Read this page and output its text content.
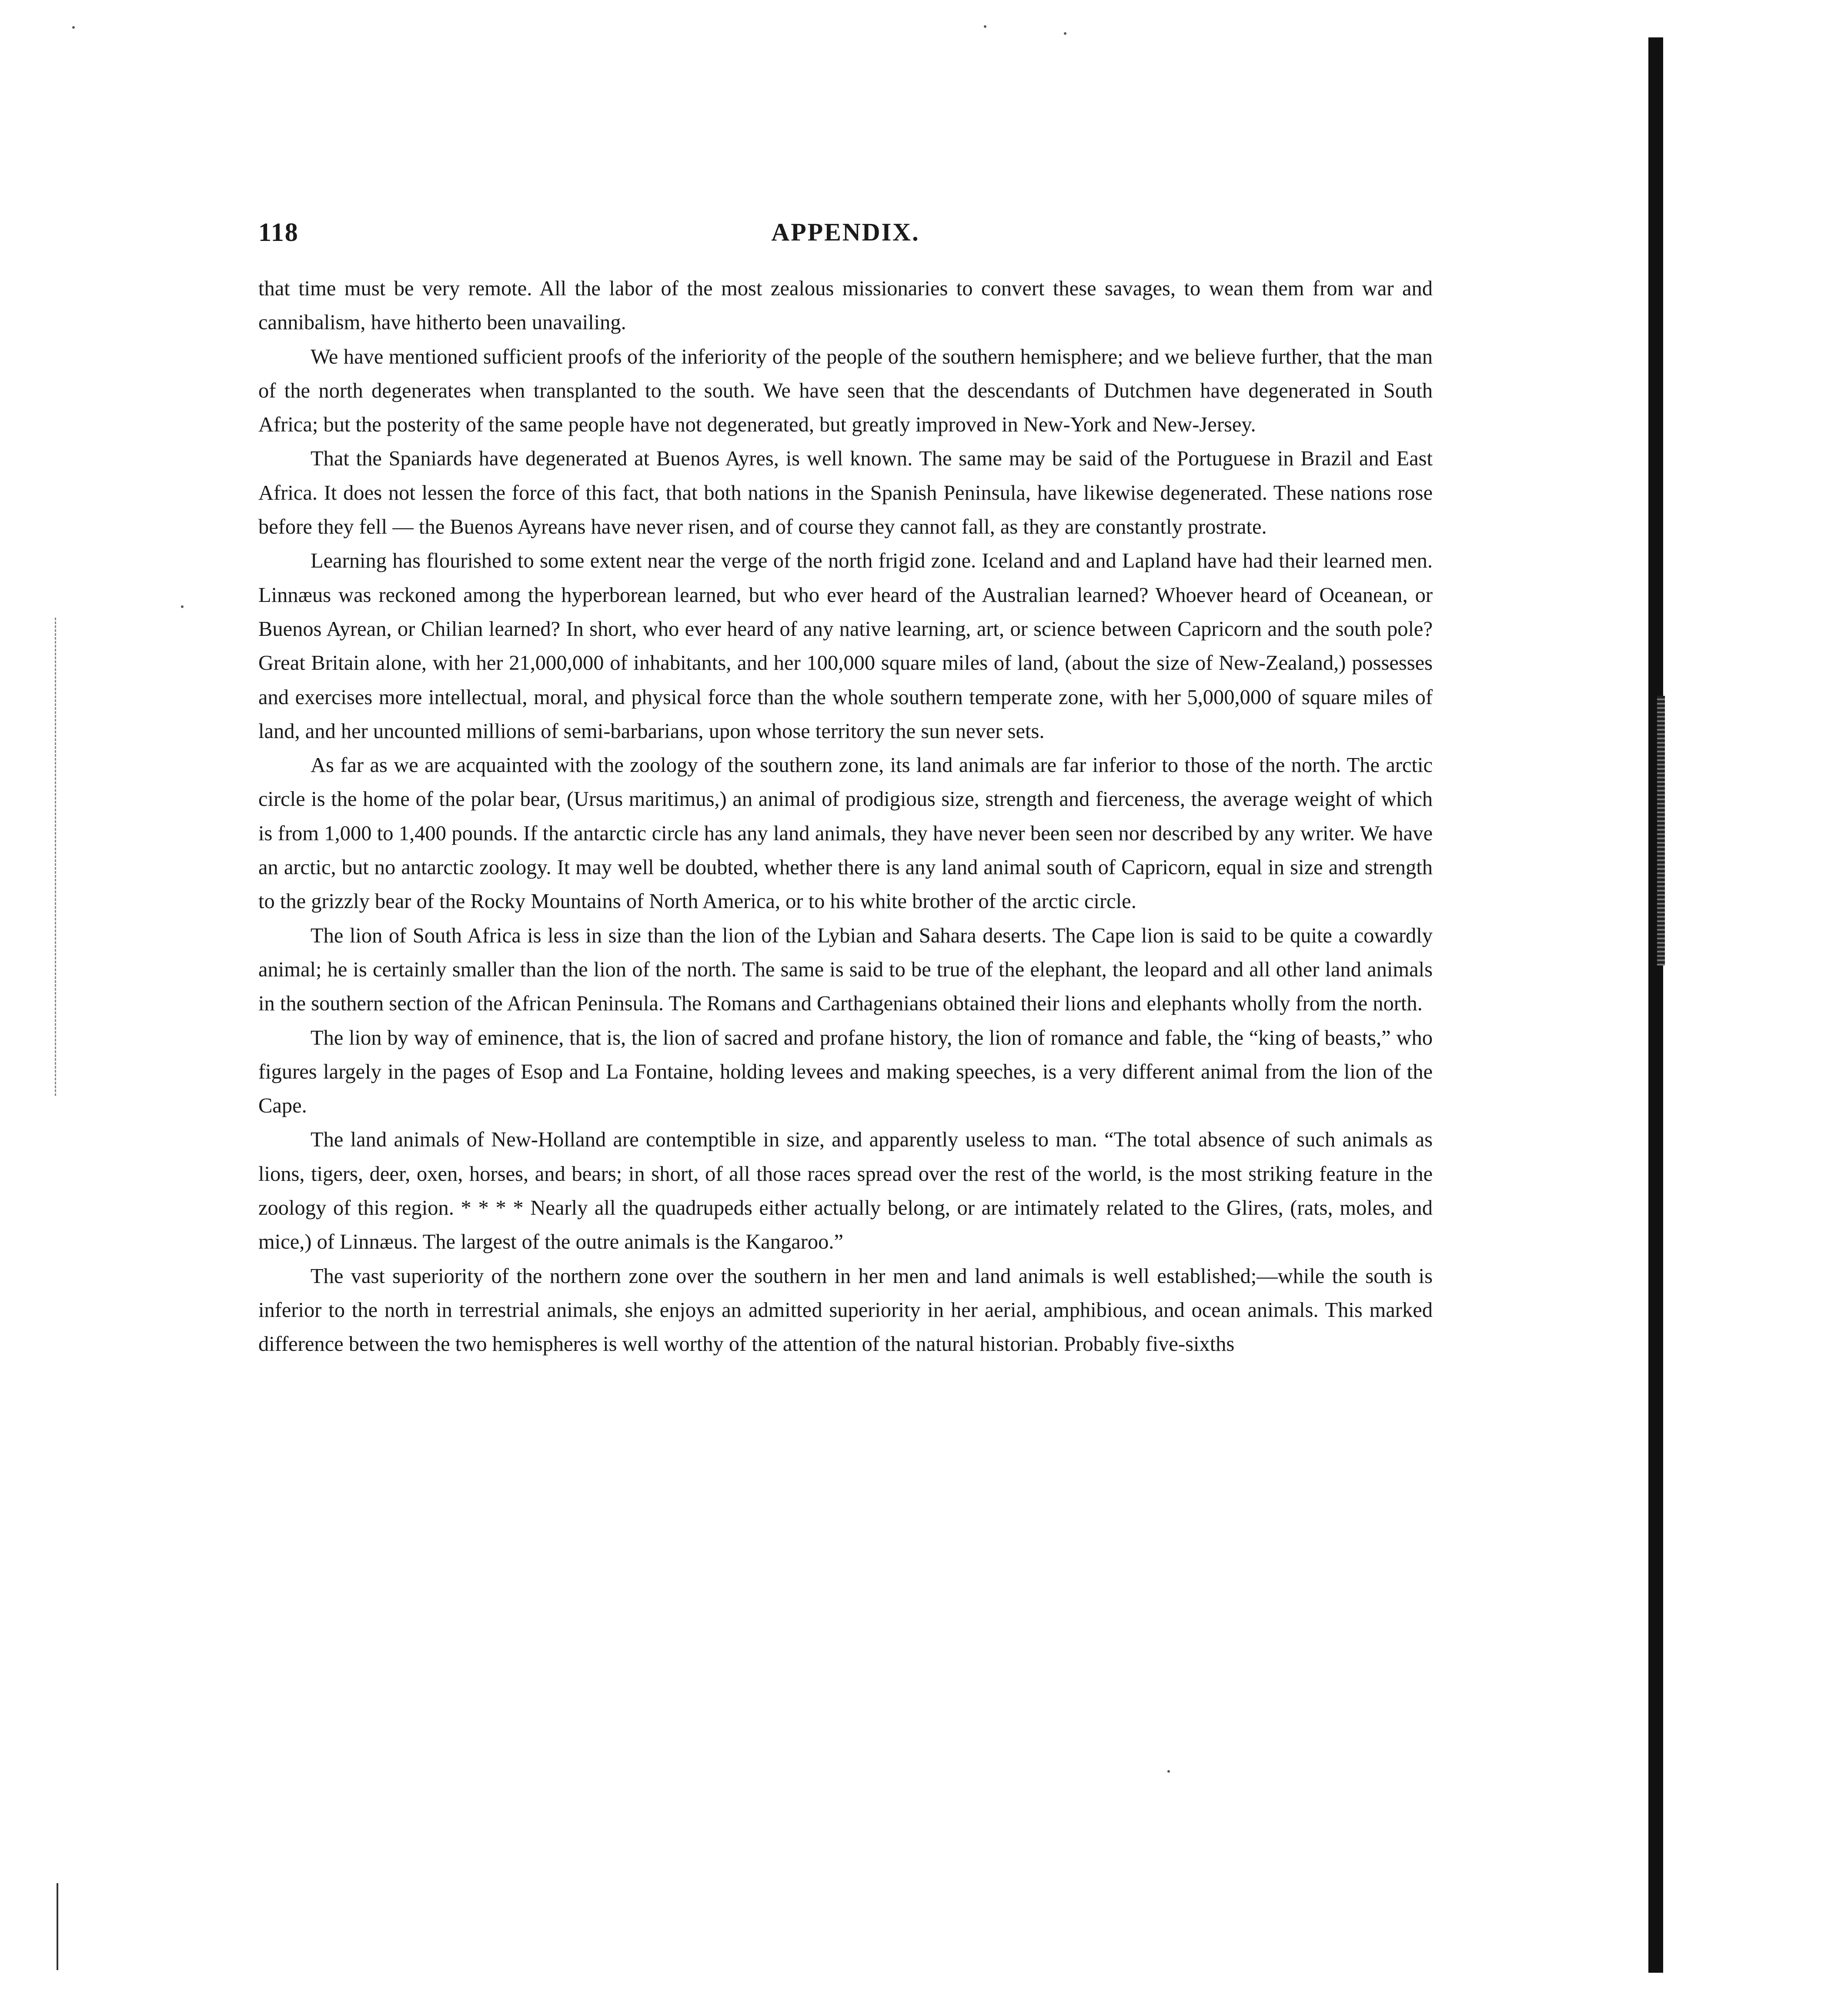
118	APPENDIX.

that time must be very remote. All the labor of the most zealous missionaries to convert these savages, to wean them from war and cannibalism, have hitherto been unavailing.

We have mentioned sufficient proofs of the inferiority of the people of the southern hemisphere; and we believe further, that the man of the north degenerates when transplanted to the south. We have seen that the descendants of Dutchmen have degenerated in South Africa; but the posterity of the same people have not degenerated, but greatly improved in New-York and New-Jersey.

That the Spaniards have degenerated at Buenos Ayres, is well known. The same may be said of the Portuguese in Brazil and East Africa. It does not lessen the force of this fact, that both nations in the Spanish Peninsula, have likewise degenerated. These nations rose before they fell — the Buenos Ayreans have never risen, and of course they cannot fall, as they are constantly prostrate.

Learning has flourished to some extent near the verge of the north frigid zone. Iceland and and Lapland have had their learned men. Linnæus was reckoned among the hyperborean learned, but who ever heard of the Australian learned? Whoever heard of Oceanean, or Buenos Ayrean, or Chilian learned? In short, who ever heard of any native learning, art, or science between Capricorn and the south pole? Great Britain alone, with her 21,000,000 of inhabitants, and her 100,000 square miles of land, (about the size of New-Zealand,) possesses and exercises more intellectual, moral, and physical force than the whole southern temperate zone, with her 5,000,000 of square miles of land, and her uncounted millions of semi-barbarians, upon whose territory the sun never sets.

As far as we are acquainted with the zoology of the southern zone, its land animals are far inferior to those of the north. The arctic circle is the home of the polar bear, (Ursus maritimus,) an animal of prodigious size, strength and fierceness, the average weight of which is from 1,000 to 1,400 pounds. If the antarctic circle has any land animals, they have never been seen nor described by any writer. We have an arctic, but no antarctic zoology. It may well be doubted, whether there is any land animal south of Capricorn, equal in size and strength to the grizzly bear of the Rocky Mountains of North America, or to his white brother of the arctic circle.

The lion of South Africa is less in size than the lion of the Lybian and Sahara deserts. The Cape lion is said to be quite a cowardly animal; he is certainly smaller than the lion of the north. The same is said to be true of the elephant, the leopard and all other land animals in the southern section of the African Peninsula. The Romans and Carthagenians obtained their lions and elephants wholly from the north.

The lion by way of eminence, that is, the lion of sacred and profane history, the lion of romance and fable, the “king of beasts,” who figures largely in the pages of Esop and La Fontaine, holding levees and making speeches, is a very different animal from the lion of the Cape.

The land animals of New-Holland are contemptible in size, and apparently useless to man. “The total absence of such animals as lions, tigers, deer, oxen, horses, and bears; in short, of all those races spread over the rest of the world, is the most striking feature in the zoology of this region. * * * * Nearly all the quadrupeds either actually belong, or are intimately related to the Glires, (rats, moles, and mice,) of Linnæus. The largest of the outre animals is the Kangaroo.”

The vast superiority of the northern zone over the southern in her men and land animals is well established;—while the south is inferior to the north in terrestrial animals, she enjoys an admitted superiority in her aerial, amphibious, and ocean animals. This marked difference between the two hemispheres is well worthy of the attention of the natural historian. Probably five-sixths
